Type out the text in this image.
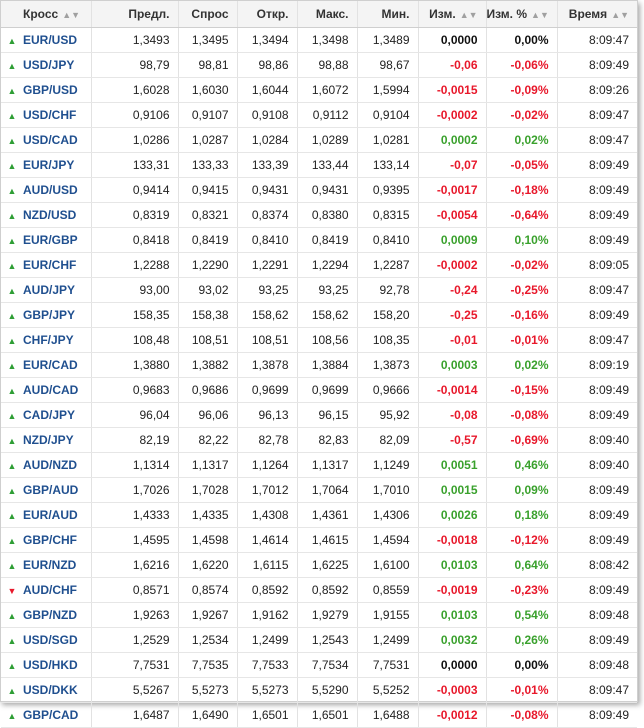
Кросс ▲▼		Предл.	Спрос	Откр.	Макс.	Мин.	Изм. ▲▼	Изм. % ▲▼	Время ▲▼
▲	EUR/USD	1,3493	1,3495	1,3494	1,3498	1,3489	0,0000	0,00%	8:09:47
▲	USD/JPY	98,79	98,81	98,86	98,88	98,67	-0,06	-0,06%	8:09:49
▲	GBP/USD	1,6028	1,6030	1,6044	1,6072	1,5994	-0,0015	-0,09%	8:09:26
▲	USD/CHF	0,9106	0,9107	0,9108	0,9112	0,9104	-0,0002	-0,02%	8:09:47
▲	USD/CAD	1,0286	1,0287	1,0284	1,0289	1,0281	0,0002	0,02%	8:09:47
▲	EUR/JPY	133,31	133,33	133,39	133,44	133,14	-0,07	-0,05%	8:09:49
▲	AUD/USD	0,9414	0,9415	0,9431	0,9431	0,9395	-0,0017	-0,18%	8:09:49
▲	NZD/USD	0,8319	0,8321	0,8374	0,8380	0,8315	-0,0054	-0,64%	8:09:49
▲	EUR/GBP	0,8418	0,8419	0,8410	0,8419	0,8410	0,0009	0,10%	8:09:49
▲	EUR/CHF	1,2288	1,2290	1,2291	1,2294	1,2287	-0,0002	-0,02%	8:09:05
▲	AUD/JPY	93,00	93,02	93,25	93,25	92,78	-0,24	-0,25%	8:09:47
▲	GBP/JPY	158,35	158,38	158,62	158,62	158,20	-0,25	-0,16%	8:09:49
▲	CHF/JPY	108,48	108,51	108,51	108,56	108,35	-0,01	-0,01%	8:09:47
▲	EUR/CAD	1,3880	1,3882	1,3878	1,3884	1,3873	0,0003	0,02%	8:09:19
▲	AUD/CAD	0,9683	0,9686	0,9699	0,9699	0,9666	-0,0014	-0,15%	8:09:49
▲	CAD/JPY	96,04	96,06	96,13	96,15	95,92	-0,08	-0,08%	8:09:49
▲	NZD/JPY	82,19	82,22	82,78	82,83	82,09	-0,57	-0,69%	8:09:40
▲	AUD/NZD	1,1314	1,1317	1,1264	1,1317	1,1249	0,0051	0,46%	8:09:40
▲	GBP/AUD	1,7026	1,7028	1,7012	1,7064	1,7010	0,0015	0,09%	8:09:49
▲	EUR/AUD	1,4333	1,4335	1,4308	1,4361	1,4306	0,0026	0,18%	8:09:49
▲	GBP/CHF	1,4595	1,4598	1,4614	1,4615	1,4594	-0,0018	-0,12%	8:09:49
▲	EUR/NZD	1,6216	1,6220	1,6115	1,6225	1,6100	0,0103	0,64%	8:08:42
▼	AUD/CHF	0,8571	0,8574	0,8592	0,8592	0,8559	-0,0019	-0,23%	8:09:49
▲	GBP/NZD	1,9263	1,9267	1,9162	1,9279	1,9155	0,0103	0,54%	8:09:48
▲	USD/SGD	1,2529	1,2534	1,2499	1,2543	1,2499	0,0032	0,26%	8:09:49
▲	USD/HKD	7,7531	7,7535	7,7533	7,7534	7,7531	0,0000	0,00%	8:09:48
▲	USD/DKK	5,5267	5,5273	5,5273	5,5290	5,5252	-0,0003	-0,01%	8:09:47
▲	GBP/CAD	1,6487	1,6490	1,6501	1,6501	1,6488	-0,0012	-0,08%	8:09:49
